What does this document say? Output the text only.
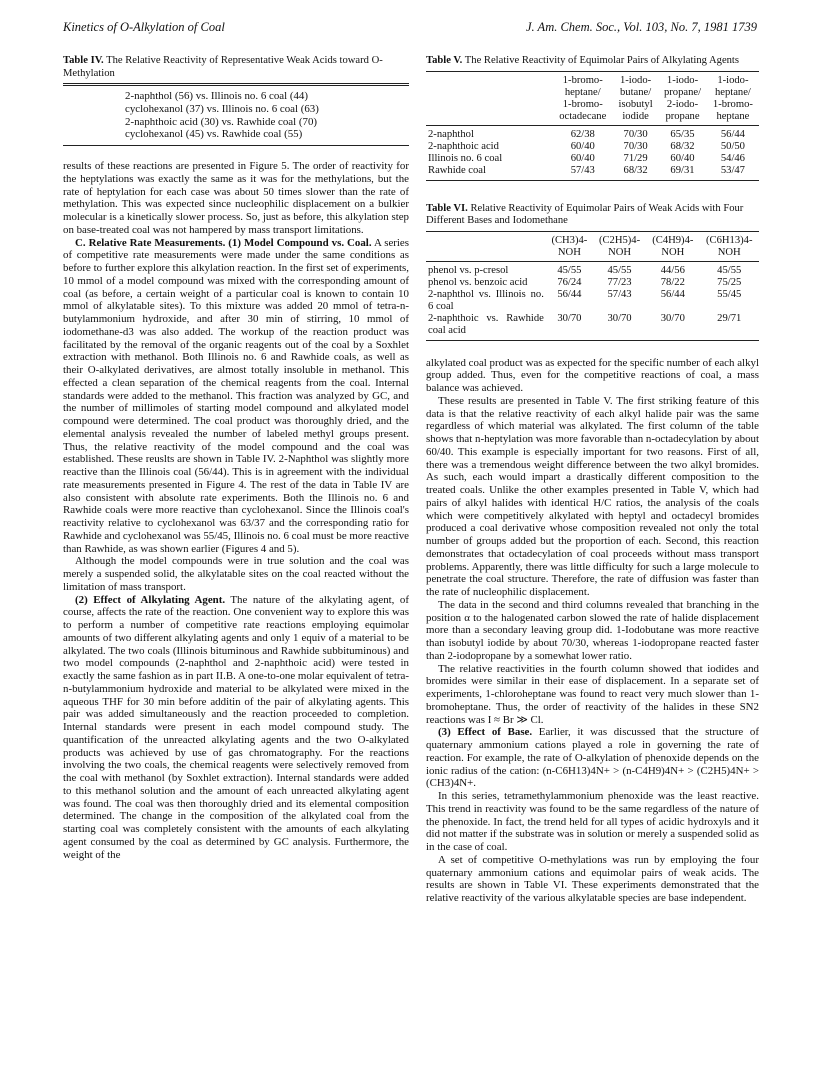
Kinetics of O-Alkylation of Coal	J. Am. Chem. Soc., Vol. 103, No. 7, 1981 1739
Table IV. The Relative Reactivity of Representative Weak Acids toward O-Methylation
2-naphthol (56) vs. Illinois no. 6 coal (44)
cyclohexanol (37) vs. Illinois no. 6 coal (63)
2-naphthoic acid (30) vs. Rawhide coal (70)
cyclohexanol (45) vs. Rawhide coal (55)

results of these reactions are presented in Figure 5. The order of reactivity for the heptylations was exactly the same as it was for the methylations, but the rate of heptylation for each case was about 50 times slower than the rate of methylation. This was expected since nucleophilic displacement on a bulkier molecular is a kinetically slower process. So, just as before, this alkylation step on base-treated coal was not hampered by mass transport limitations.

C. Relative Rate Measurements. (1) Model Compound vs. Coal. A series of competitive rate measurements were made under the same conditions as before to further explore this alkylation reaction. In the first set of experiments, 10 mmol of a model compound was mixed with the corresponding amount of coal (as before, a certain weight of a particular coal is known to contain 10 mmol of alkylatable sites). To this mixture was added 20 mmol of tetra-n-butylammonium hydroxide, and after 30 min of stirring, 10 mmol of iodomethane-d3 was also added. The workup of the reaction product was facilitated by the removal of the organic reagents out of the coal by a Soxhlet extraction with methanol. Both Illinois no. 6 and Rawhide coals, as well as their O-alkylated derivatives, are almost totally insoluble in methanol. This effected a clean separation of the chemical reagents from the coal. Internal standards were added to the methanol. This fraction was analyzed by GC, and the number of millimoles of starting model compound and alkylated model compound were determined. The coal product was thoroughly dried, and the elemental analysis revealed the number of labeled methyl groups present. Thus, the relative reactivity of the model compound and the coal was established. These reuslts are shown in Table IV. 2-Naphthol was slightly more reactive than the Illinois coal (56/44). This is in agreement with the individual rate measurements presented in Figure 4. The rest of the data in Table IV are also consistent with absolute rate experiments. Both the Illinois no. 6 and Rawhide coals were more reactive than cyclohexanol. Since the Illinois coal's reactivity relative to cyclohexanol was 63/37 and the corresponding ratio for Rawhide and cyclohexanol was 55/45, Illinois no. 6 coal must be more reactive than Rawhide, as was shown earlier (Figures 4 and 5).

Although the model compounds were in true solution and the coal was merely a suspended solid, the alkylatable sites on the coal reacted without the limitation of mass transport.

(2) Effect of Alkylating Agent. The nature of the alkylating agent, of course, affects the rate of the reaction. One convenient way to explore this was to perform a number of competitive rate reactions employing equimolar amounts of two different alkylating agents and only 1 equiv of a material to be alkylated. The two coals (Illinois bituminous and Rawhide subbituminous) and two model compounds (2-naphthol and 2-naphthoic acid) were tested in exactly the same fashion as in part II.B. A one-to-one molar equivalent of tetra-n-butylammonium hydroxide and material to be alkylated were mixed in the aqueous THF for 30 min before additin of the pair of alkylating agents. This pair was added simultaneously and the reaction proceeded to completion. Internal standards were present in each model compound study. The quantification of the unreacted alkylating agents and the two O-alkylated products was achieved by use of gas chromatography. For the reactions involving the two coals, the chemical reagents were selectively removed from the coal with methanol (by Soxhlet extraction). Internal standards were added to this methanol solution and the amount of each unreacted alkylating agent was found. The coal was then thoroughly dried and its elemental composition determined. The change in the composition of the alkylated coal from the starting coal was completely consistent with the amounts of each alkylating agent consumed by the coal as determined by GC analysis. Furthermore, the weight of the

Table V. The Relative Reactivity of Equimolar Pairs of Alkylating Agents

	1-bromo-
heptane/
1-bromo-
octadecane	1-iodo-
butane/
isobutyl
iodide	1-iodo-
propane/
2-iodo-
propane	1-iodo-
heptane/
1-bromo-
heptane

2-naphthol	62/38	70/30	65/35	56/44
2-naphthoic acid	60/40	70/30	68/32	50/50
Illinois no. 6 coal	60/40	71/29	60/40	54/46
Rawhide coal	57/43	68/32	69/31	53/47
Table VI. Relative Reactivity of Equimolar Pairs of Weak Acids with Four Different Bases and Iodomethane

	(CH3)4-
NOH	(C2H5)4-
NOH	(C4H9)4-
NOH	(C6H13)4-
NOH

phenol vs. p-cresol	45/55	45/55	44/56	45/55
phenol vs. benzoic acid	76/24	77/23	78/22	75/25
2-naphthol vs. Illinois no. 6 coal	56/44	57/43	56/44	55/45
2-naphthoic vs. Rawhide coal acid	30/70	30/70	30/70	29/71

alkylated coal product was as expected for the specific number of each alkyl group added. Thus, even for the competitive reactions of coal, a mass balance was achieved.

These results are presented in Table V. The first striking feature of this data is that the relative reactivity of each alkyl halide pair was the same regardless of which material was alkylated. The first column of the table shows that n-heptylation was more favorable than n-octadecylation by about 60/40. This example is especially important for two reasons. First of all, there was a tremendous weight difference between the two alkyl bromides. As such, each would impart a drastically different composition to the treated coals. Unlike the other examples presented in Table V, which had pairs of alkyl halides with identical H/C ratios, the analysis of the coals which were competitively alkylated with heptyl and octadecyl bromides produced a coal derivative whose composition revealed not only the total number of groups added but the proportion of each. Second, this reaction demonstrates that octadecylation of coal proceeds without mass transport problems. Apparently, there was little difficulty for such a large molecule to penetrate the coal structure. Therefore, the rate of diffusion was faster than the rate of nucleophilic displacement.

The data in the second and third columns revealed that branching in the position α to the halogenated carbon slowed the rate of halide displacement more than a secondary leaving group did. 1-Iodobutane was more reactive than isobutyl iodide by about 70/30, whereas 1-iodopropane reacted faster than 2-iodopropane by a somewhat lower ratio.

The relative reactivities in the fourth column showed that iodides and bromides were similar in their ease of displacement. In a separate set of experiments, 1-chloroheptane was found to react very much slower than 1-bromoheptane. Thus, the order of reactivity of the halides in these SN2 reactions was I ≈ Br ≫ Cl.

(3) Effect of Base. Earlier, it was discussed that the structure of quaternary ammonium cations played a role in governing the rate of reaction. For example, the rate of O-alkylation of phenoxide depends on the ionic radius of the cation: (n-C6H13)4N+ > (n-C4H9)4N+ > (C2H5)4N+ > (CH3)4N+.

In this series, tetramethylammonium phenoxide was the least reactive. This trend in reactivity was found to be the same regardless of the nature of the phenoxide. In fact, the trend held for all types of acidic hydroxyls and it did not matter if the substrate was in solution or merely a suspended solid as in the case of coal.

A set of competitive O-methylations was run by employing the four quaternary ammonium cations and equimolar pairs of weak acids. The results are shown in Table VI. These experiments demonstrated that the relative reactivity of the various alkylatable species are base independent.
